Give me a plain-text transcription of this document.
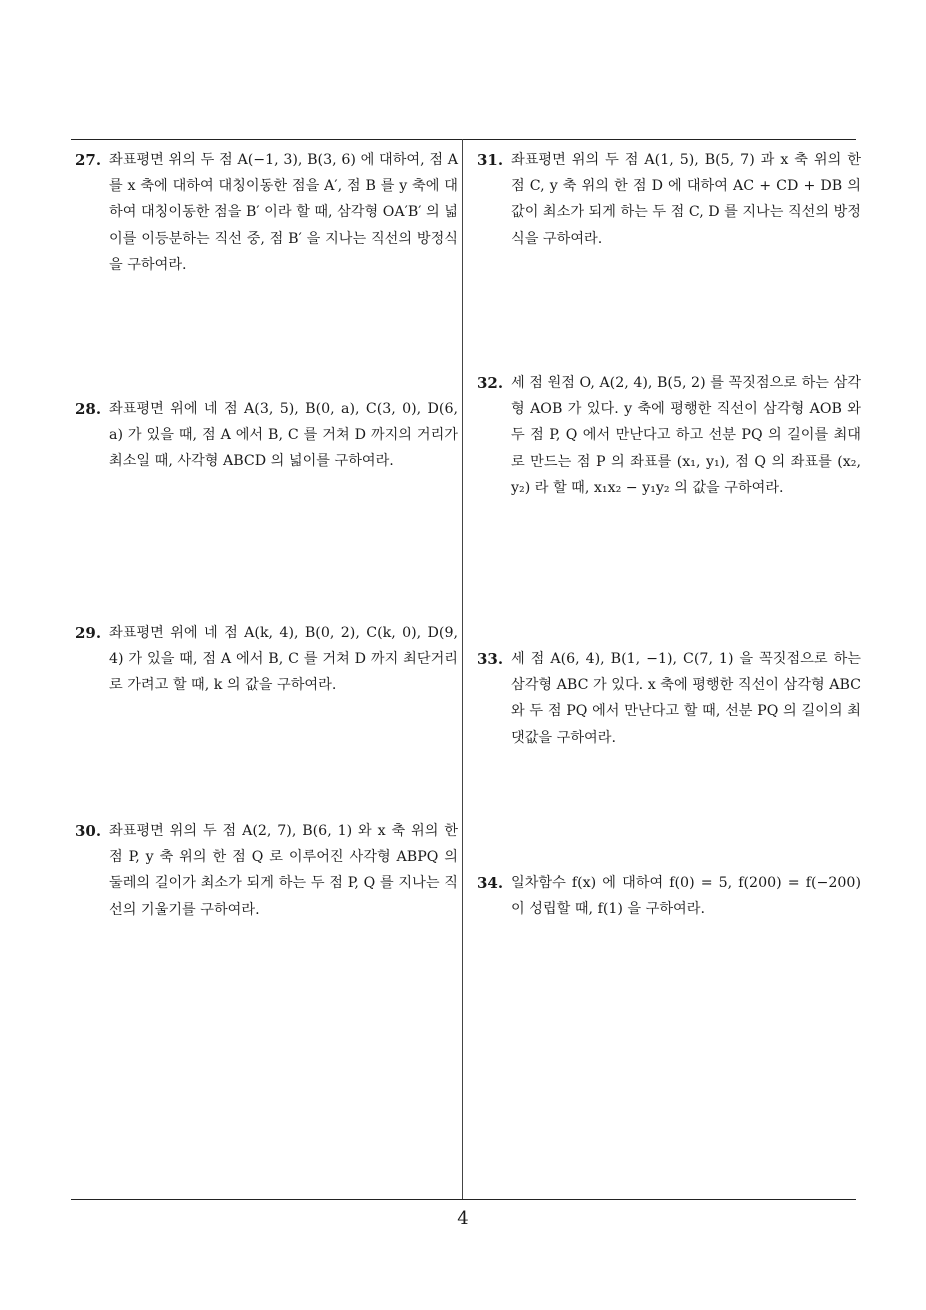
27. 좌표평면 위의 두 점 A(−1, 3), B(3, 6) 에 대하여, 점 A 를 x 축에 대하여 대칭이동한 점을 A′, 점 B 를 y 축에 대하여 대칭이동한 점을 B′ 이라 할 때, 삼각형 OA′B′ 의 넓이를 이등분하는 직선 중, 점 B′ 을 지나는 직선의 방정식을 구하여라.
28. 좌표평면 위에 네 점 A(3, 5), B(0, a), C(3, 0), D(6, a) 가 있을 때, 점 A 에서 B, C 를 거쳐 D 까지의 거리가 최소일 때, 사각형 ABCD 의 넓이를 구하여라.
29. 좌표평면 위에 네 점 A(k, 4), B(0, 2), C(k, 0), D(9, 4) 가 있을 때, 점 A 에서 B, C 를 거쳐 D 까지 최단거리로 가려고 할 때, k 의 값을 구하여라.
30. 좌표평면 위의 두 점 A(2, 7), B(6, 1) 와 x 축 위의 한 점 P, y 축 위의 한 점 Q 로 이루어진 사각형 ABPQ 의 둘레의 길이가 최소가 되게 하는 두 점 P, Q 를 지나는 직선의 기울기를 구하여라.
31. 좌표평면 위의 두 점 A(1, 5), B(5, 7) 과 x 축 위의 한 점 C, y 축 위의 한 점 D 에 대하여 AC + CD + DB 의 값이 최소가 되게 하는 두 점 C, D 를 지나는 직선의 방정식을 구하여라.
32. 세 점 원점 O, A(2, 4), B(5, 2) 를 꼭짓점으로 하는 삼각형 AOB 가 있다. y 축에 평행한 직선이 삼각형 AOB 와 두 점 P, Q 에서 만난다고 하고 선분 PQ 의 길이를 최대로 만드는 점 P 의 좌표를 (x₁, y₁), 점 Q 의 좌표를 (x₂, y₂) 라 할 때, x₁x₂ − y₁y₂ 의 값을 구하여라.
33. 세 점 A(6, 4), B(1, −1), C(7, 1) 을 꼭짓점으로 하는 삼각형 ABC 가 있다. x 축에 평행한 직선이 삼각형 ABC 와 두 점 PQ 에서 만난다고 할 때, 선분 PQ 의 길이의 최댓값을 구하여라.
34. 일차함수 f(x) 에 대하여 f(0) = 5, f(200) = f(−200) 이 성립할 때, f(1) 을 구하여라.
4
